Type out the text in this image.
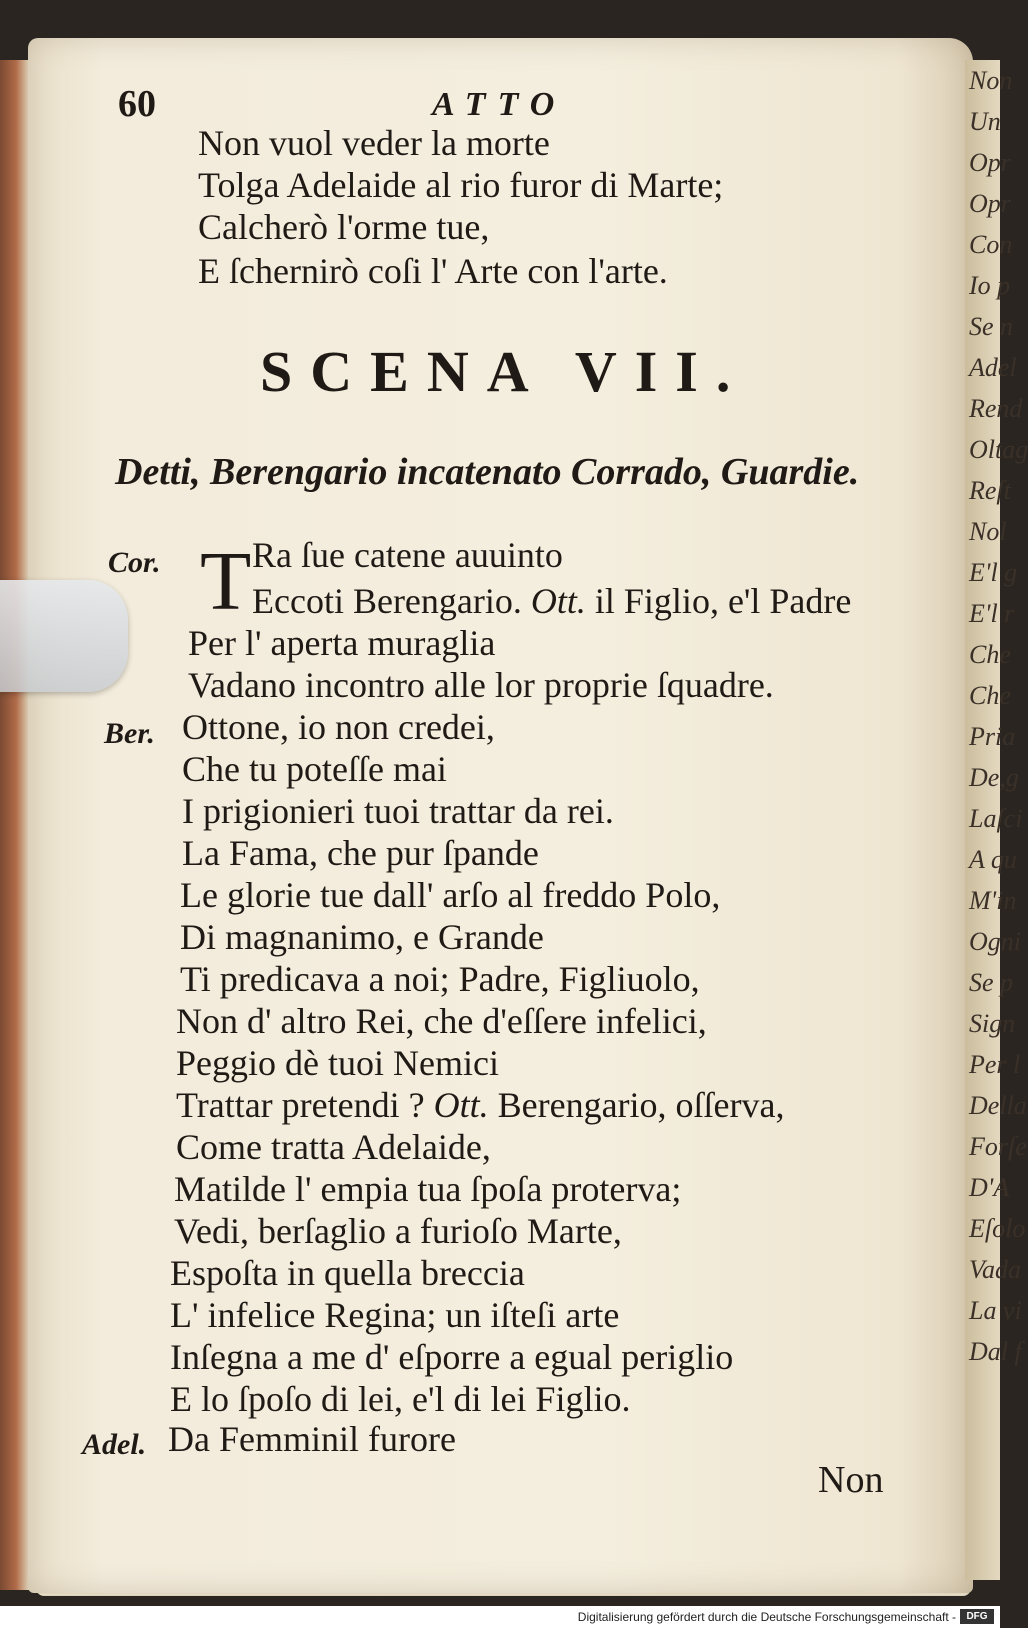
Non
Un
Opr
Opr
Con
Io p
Se n
Adel
Rend
Oltag
Reſt
Nol
E'l g
E'l r
Che
Che
Pria
De,g
Laſci
A qu
M'in
Ogni
Se p
Sign
Per l
Della
Forſe
D'A
Eſolo
Vada
La vi
Dal f
60	ATTO
Non vuol veder la morte
Tolga Adelaide al rio furor di Marte;
Calcherò l'orme tue,
E ſchernirò coſi l' Arte con l'arte.
SCENA VII.
Detti, Berengario incatenato Corrado, Guardie.
Cor. T Ra ſue catene auuinto
Eccoti Berengario. Ott. il Figlio, e'l Padre
Per l' aperta muraglia
Vadano incontro alle lor proprie ſquadre.
Ber. Ottone, io non credei,
Che tu poteſſe mai
I prigionieri tuoi trattar da rei.
La Fama, che pur ſpande
Le glorie tue dall' arſo al freddo Polo,
Di magnanimo, e Grande
Ti predicava a noi; Padre, Figliuolo,
Non d' altro Rei, che d'eſſere infelici,
Peggio dè tuoi Nemici
Trattar pretendi ? Ott. Berengario, oſſerva,
Come tratta Adelaide,
Matilde l' empia tua ſpoſa proterva;
Vedi, berſaglio a furioſo Marte,
Espoſta in quella breccia
L' infelice Regina; un iſteſi arte
Inſegna a me d' eſporre a egual periglio
E lo ſpoſo di lei, e'l di lei Figlio.
Adel. Da Femminil furore
Non
Digitalisierung gefördert durch die Deutsche Forschungsgemeinschaft -	DFG
